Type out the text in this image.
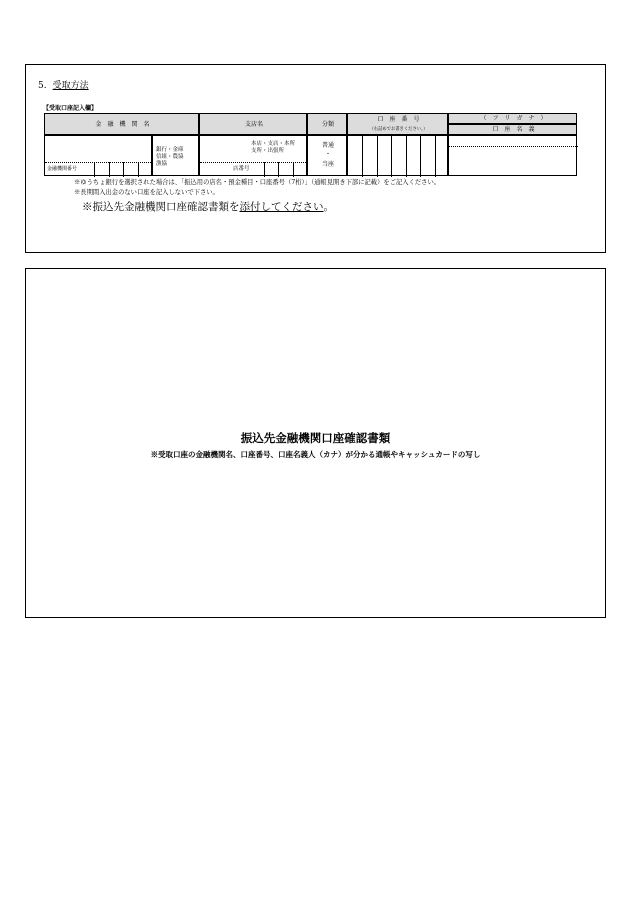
5. 受取方法
【受取口座記入欄】
金　融　機　関　名	支店名	分類
口　座　番　号
（右詰めでお書きください。）
（　フ　リ　ガ　ナ　）
口　座　名　義
金融機関番号
銀行・金庫
信組・農協
漁協
本店・支店・本所
支所・出張所
店番号
普通
・
当座
※ゆうちょ銀行を選択された場合は、「振込用の店名・預金種目・口座番号（7桁）」（通帳見開き下部に記載）をご記入ください。
※長期間入出金のない口座を記入しないで下さい。
※振込先金融機関口座確認書類を添付してください。
振込先金融機関口座確認書類
※受取口座の金融機関名、口座番号、口座名義人（カナ）が分かる通帳やキャッシュカードの写し
